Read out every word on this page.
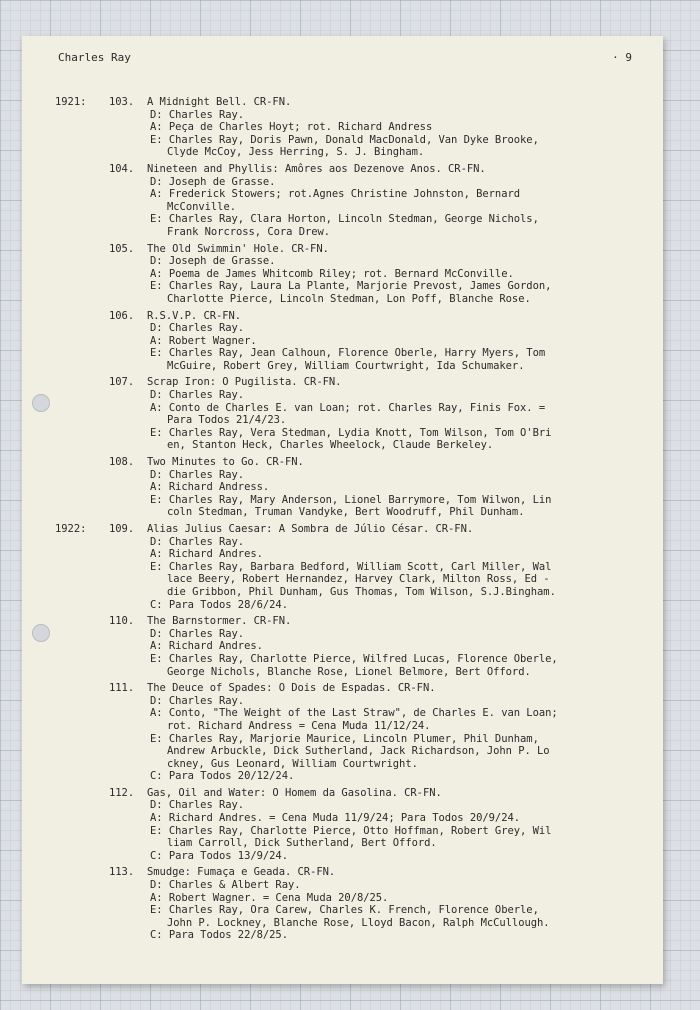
Charles Ray	· 9
1921: 103. A Midnight Bell. CR-FN.
D: Charles Ray.
A: Peça de Charles Hoyt; rot. Richard Andress
E: Charles Ray, Doris Pawn, Donald MacDonald, Van Dyke Brooke,
Clyde McCoy, Jess Herring, S. J. Bingham.
104. Nineteen and Phyllis: Amôres aos Dezenove Anos. CR-FN.
D: Joseph de Grasse.
A: Frederick Stowers; rot.Agnes Christine Johnston, Bernard
McConville.
E: Charles Ray, Clara Horton, Lincoln Stedman, George Nichols,
Frank Norcross, Cora Drew.
105. The Old Swimmin' Hole. CR-FN.
D: Joseph de Grasse.
A: Poema de James Whitcomb Riley; rot. Bernard McConville.
E: Charles Ray, Laura La Plante, Marjorie Prevost, James Gordon,
Charlotte Pierce, Lincoln Stedman, Lon Poff, Blanche Rose.
106. R.S.V.P. CR-FN.
D: Charles Ray.
A: Robert Wagner.
E: Charles Ray, Jean Calhoun, Florence Oberle, Harry Myers, Tom
McGuire, Robert Grey, William Courtwright, Ida Schumaker.
107. Scrap Iron: O Pugilista. CR-FN.
D: Charles Ray.
A: Conto de Charles E. van Loan; rot. Charles Ray, Finis Fox. =
Para Todos 21/4/23.
E: Charles Ray, Vera Stedman, Lydia Knott, Tom Wilson, Tom O'Bri
en, Stanton Heck, Charles Wheelock, Claude Berkeley.
108. Two Minutes to Go. CR-FN.
D: Charles Ray.
A: Richard Andress.
E: Charles Ray, Mary Anderson, Lionel Barrymore, Tom Wilwon, Lin
coln Stedman, Truman Vandyke, Bert Woodruff, Phil Dunham.
1922: 109. Alias Julius Caesar: A Sombra de Júlio César. CR-FN.
D: Charles Ray.
A: Richard Andres.
E: Charles Ray, Barbara Bedford, William Scott, Carl Miller, Wal
lace Beery, Robert Hernandez, Harvey Clark, Milton Ross, Ed -
die Gribbon, Phil Dunham, Gus Thomas, Tom Wilson, S.J.Bingham.
C: Para Todos 28/6/24.
110. The Barnstormer. CR-FN.
D: Charles Ray.
A: Richard Andres.
E: Charles Ray, Charlotte Pierce, Wilfred Lucas, Florence Oberle,
George Nichols, Blanche Rose, Lionel Belmore, Bert Offord.
111. The Deuce of Spades: O Dois de Espadas. CR-FN.
D: Charles Ray.
A: Conto, "The Weight of the Last Straw", de Charles E. van Loan;
rot. Richard Andress = Cena Muda 11/12/24.
E: Charles Ray, Marjorie Maurice, Lincoln Plumer, Phil Dunham,
Andrew Arbuckle, Dick Sutherland, Jack Richardson, John P. Lo
ckney, Gus Leonard, William Courtwright.
C: Para Todos 20/12/24.
112. Gas, Oil and Water: O Homem da Gasolina. CR-FN.
D: Charles Ray.
A: Richard Andres. = Cena Muda 11/9/24; Para Todos 20/9/24.
E: Charles Ray, Charlotte Pierce, Otto Hoffman, Robert Grey, Wil
liam Carroll, Dick Sutherland, Bert Offord.
C: Para Todos 13/9/24.
113. Smudge: Fumaça e Geada. CR-FN.
D: Charles & Albert Ray.
A: Robert Wagner. = Cena Muda 20/8/25.
E: Charles Ray, Ora Carew, Charles K. French, Florence Oberle,
John P. Lockney, Blanche Rose, Lloyd Bacon, Ralph McCullough.
C: Para Todos 22/8/25.
